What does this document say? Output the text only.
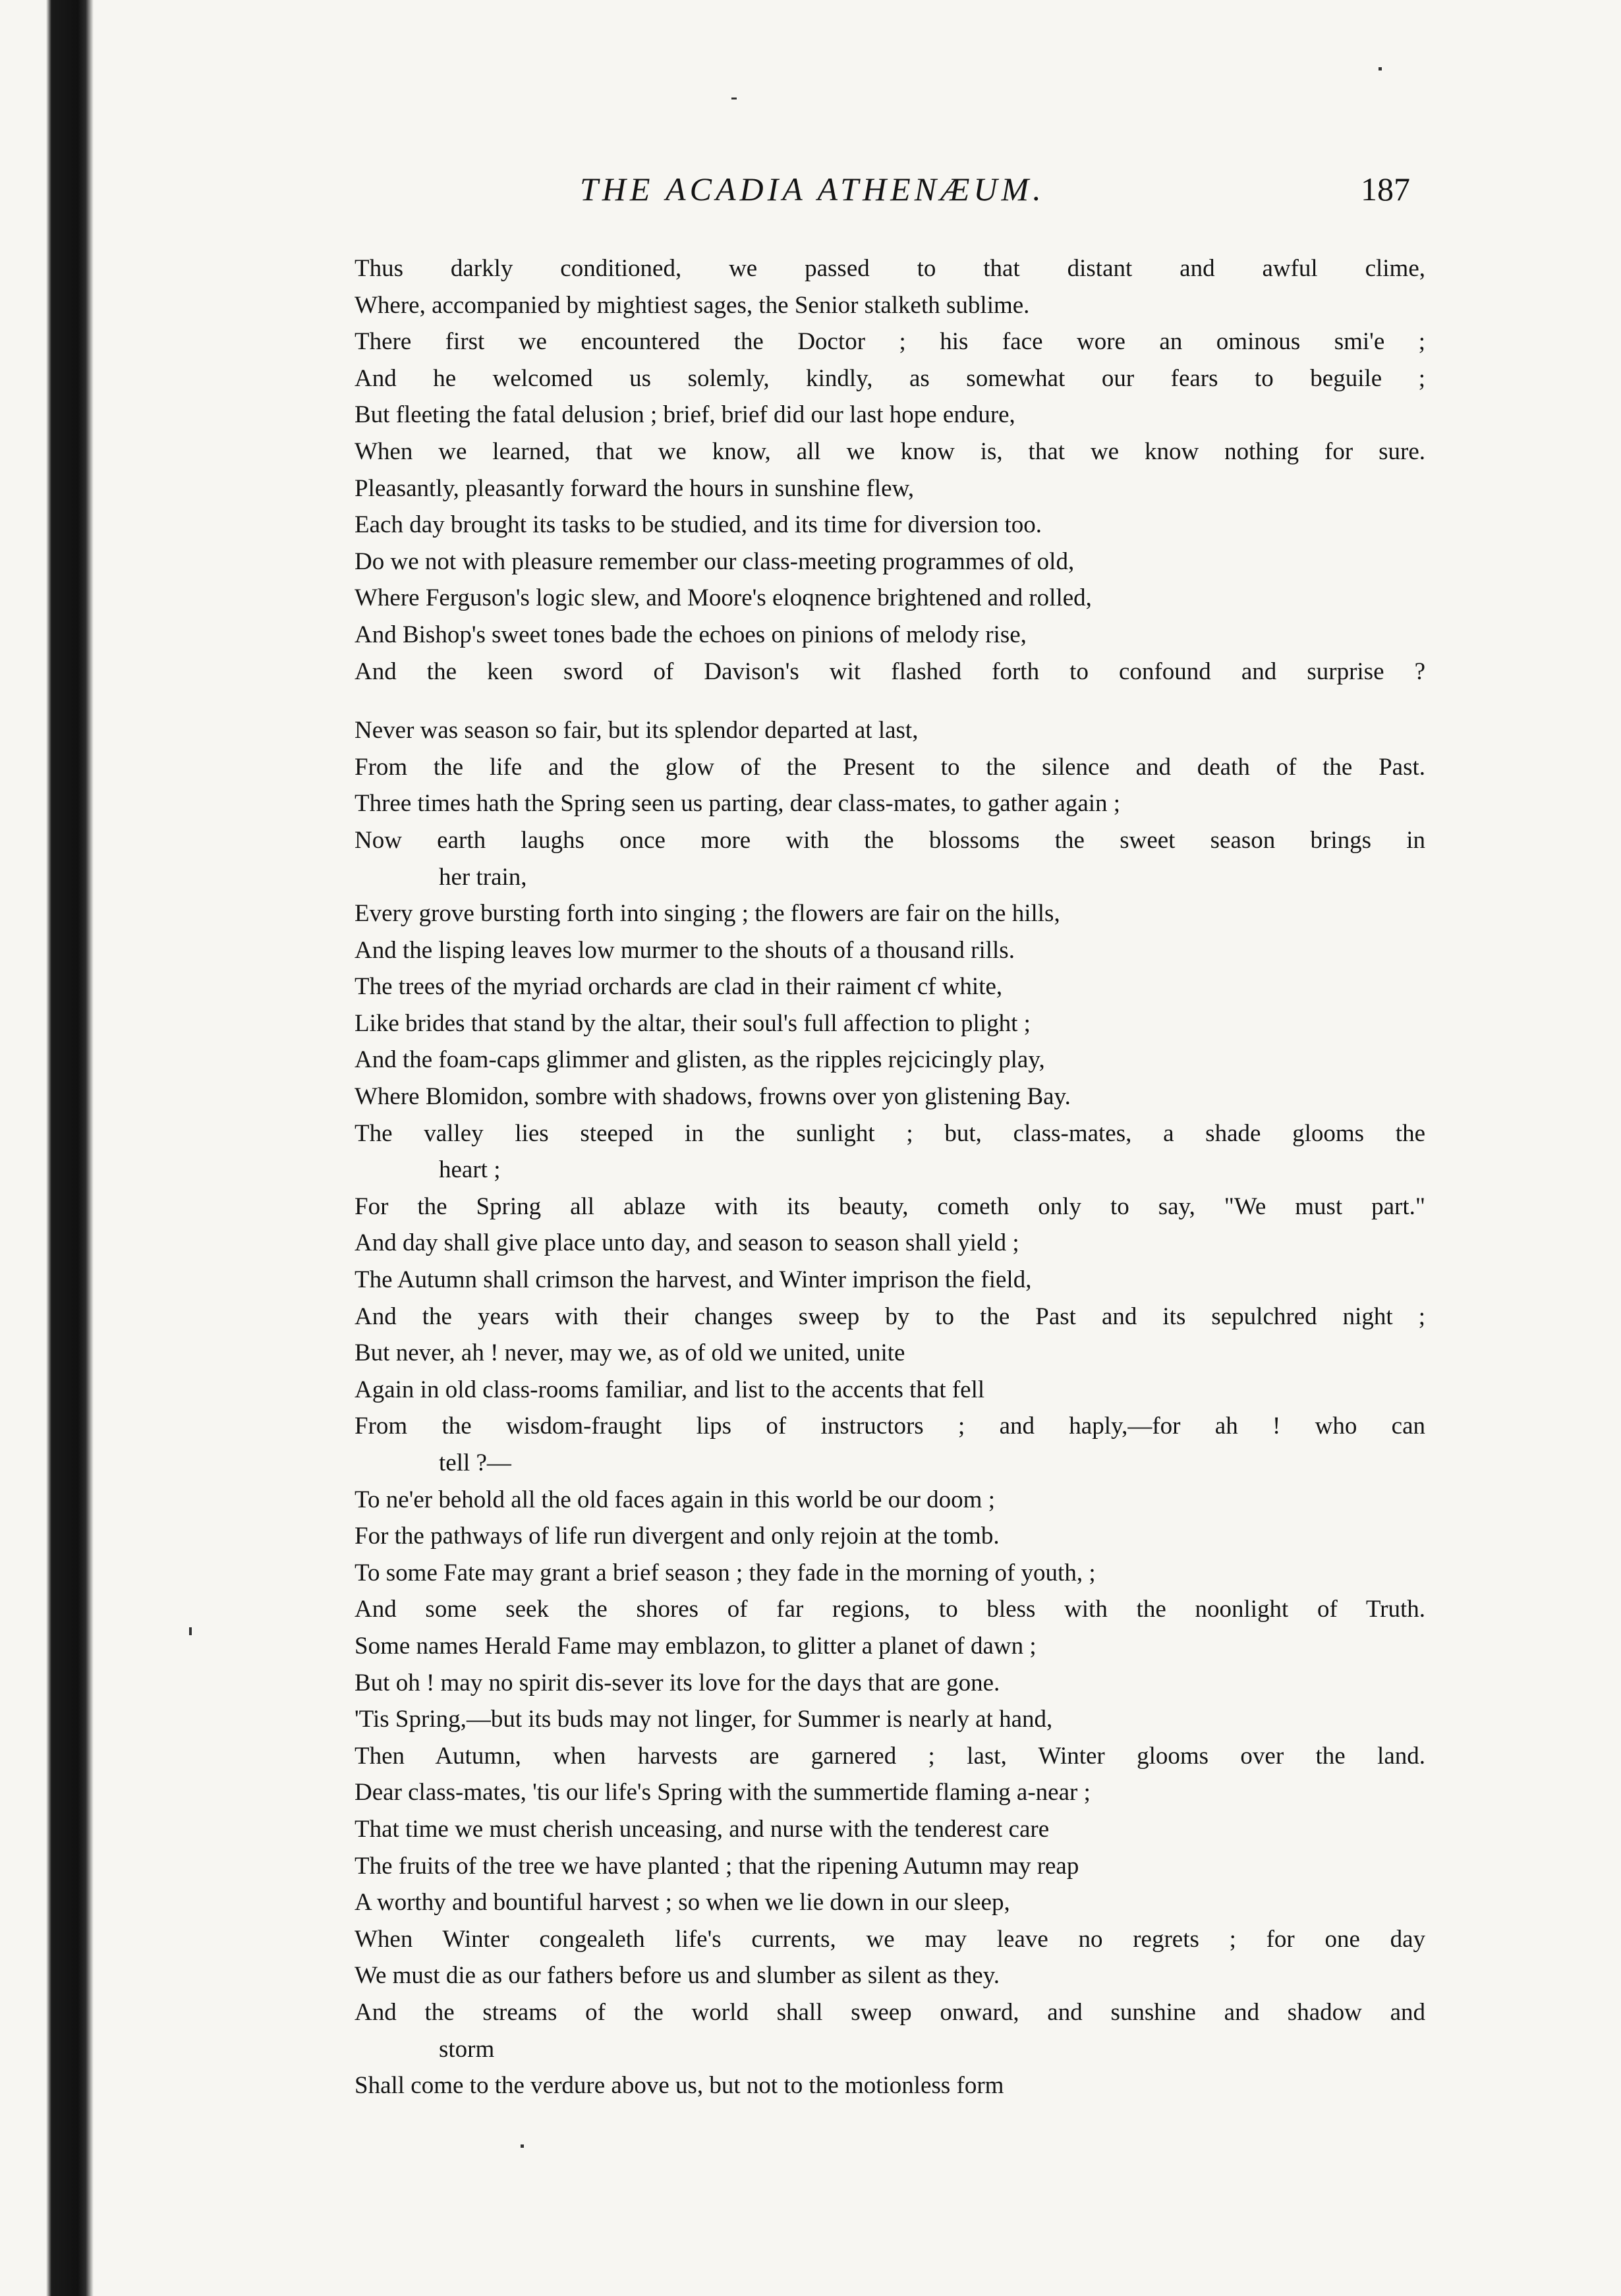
THE ACADIA ATHENÆUM.	187
Thus darkly conditioned, we passed to that distant and awful clime,
Where, accompanied by mightiest sages, the Senior stalketh sublime.
There first we encountered the Doctor ; his face wore an ominous smi'e ;
And he welcomed us solemly, kindly, as somewhat our fears to beguile ;
But fleeting the fatal delusion ; brief, brief did our last hope endure,
When we learned, that we know, all we know is, that we know nothing for sure.
Pleasantly, pleasantly forward the hours in sunshine flew,
Each day brought its tasks to be studied, and its time for diversion too.
Do we not with pleasure remember our class-meeting programmes of old,
Where Ferguson's logic slew, and Moore's eloqnence brightened and rolled,
And Bishop's sweet tones bade the echoes on pinions of melody rise,
And the keen sword of Davison's wit flashed forth to confound and surprise ?
Never was season so fair, but its splendor departed at last,
From the life and the glow of the Present to the silence and death of the Past.
Three times hath the Spring seen us parting, dear class-mates, to gather again ;
Now earth laughs once more with the blossoms the sweet season brings in
her train,
Every grove bursting forth into singing ; the flowers are fair on the hills,
And the lisping leaves low murmer to the shouts of a thousand rills.
The trees of the myriad orchards are clad in their raiment cf white,
Like brides that stand by the altar, their soul's full affection to plight ;
And the foam-caps glimmer and glisten, as the ripples rejcicingly play,
Where Blomidon, sombre with shadows, frowns over yon glistening Bay.
The valley lies steeped in the sunlight ; but, class-mates, a shade glooms the
heart ;
For the Spring all ablaze with its beauty, cometh only to say, "We must part."
And day shall give place unto day, and season to season shall yield ;
The Autumn shall crimson the harvest, and Winter imprison the field,
And the years with their changes sweep by to the Past and its sepulchred night ;
But never, ah ! never, may we, as of old we united, unite
Again in old class-rooms familiar, and list to the accents that fell
From the wisdom-fraught lips of instructors ; and haply,—for ah ! who can
tell ?—
To ne'er behold all the old faces again in this world be our doom ;
For the pathways of life run divergent and only rejoin at the tomb.
To some Fate may grant a brief season ; they fade in the morning of youth, ;
And some seek the shores of far regions, to bless with the noonlight of Truth.
Some names Herald Fame may emblazon, to glitter a planet of dawn ;
But oh ! may no spirit dis-sever its love for the days that are gone.
'Tis Spring,—but its buds may not linger, for Summer is nearly at hand,
Then Autumn, when harvests are garnered ; last, Winter glooms over the land.
Dear class-mates, 'tis our life's Spring with the summertide flaming a-near ;
That time we must cherish unceasing, and nurse with the tenderest care
The fruits of the tree we have planted ; that the ripening Autumn may reap
A worthy and bountiful harvest ; so when we lie down in our sleep,
When Winter congealeth life's currents, we may leave no regrets ; for one day
We must die as our fathers before us and slumber as silent as they.
And the streams of the world shall sweep onward, and sunshine and shadow and
storm
Shall come to the verdure above us, but not to the motionless form
